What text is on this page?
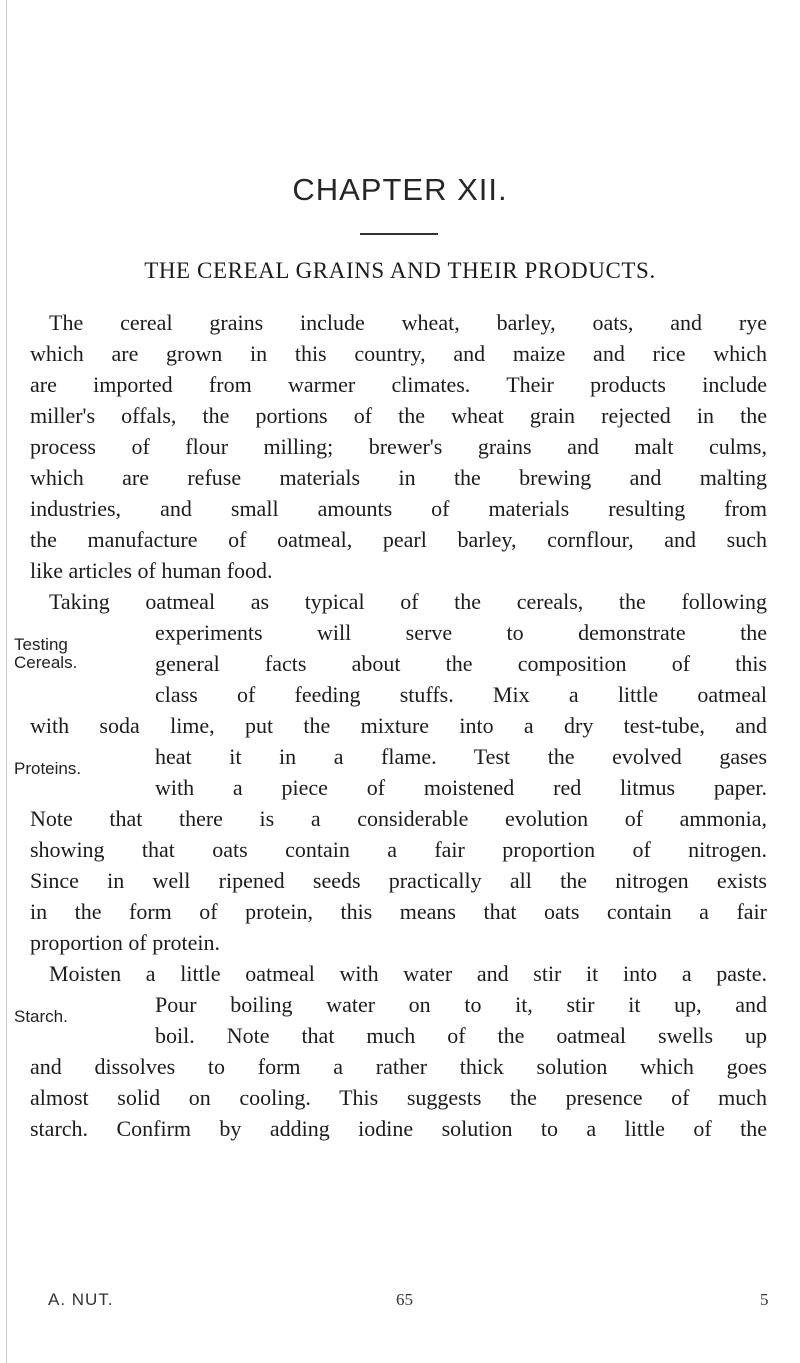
CHAPTER XII.
THE CEREAL GRAINS AND THEIR PRODUCTS.
The cereal grains include wheat, barley, oats, and rye
which are grown in this country, and maize and rice which
are imported from warmer climates. Their products include
miller's offals, the portions of the wheat grain rejected in the
process of flour milling; brewer's grains and malt culms,
which are refuse materials in the brewing and malting
industries, and small amounts of materials resulting from
the manufacture of oatmeal, pearl barley, cornflour, and such
like articles of human food.
Taking oatmeal as typical of the cereals, the following
experiments will serve to demonstrate the
general facts about the composition of this
class of feeding stuffs. Mix a little oatmeal
with soda lime, put the mixture into a dry test-tube, and
heat it in a flame. Test the evolved gases
with a piece of moistened red litmus paper.
Note that there is a considerable evolution of ammonia,
showing that oats contain a fair proportion of nitrogen.
Since in well ripened seeds practically all the nitrogen exists
in the form of protein, this means that oats contain a fair
proportion of protein.
Moisten a little oatmeal with water and stir it into a paste.
Pour boiling water on to it, stir it up, and
boil. Note that much of the oatmeal swells up
and dissolves to form a rather thick solution which goes
almost solid on cooling. This suggests the presence of much
starch. Confirm by adding iodine solution to a little of the
Testing
Cereals.
Proteins.
Starch.
A. NUT.	65	5
